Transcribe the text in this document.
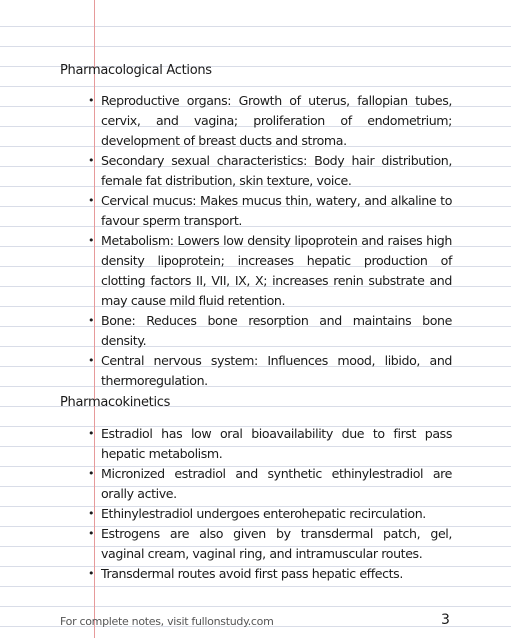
Pharmacological Actions
• Reproductive organs: Growth of uterus, fallopian tubes, cervix, and vagina; proliferation of endometrium; development of breast ducts and stroma.
• Secondary sexual characteristics: Body hair distribution, female fat distribution, skin texture, voice.
• Cervical mucus: Makes mucus thin, watery, and alkaline to favour sperm transport.
• Metabolism: Lowers low density lipoprotein and raises high density lipoprotein; increases hepatic production of clotting factors II, VII, IX, X; increases renin substrate and may cause mild fluid retention.
• Bone: Reduces bone resorption and maintains bone density.
• Central nervous system: Influences mood, libido, and thermoregulation.
Pharmacokinetics
• Estradiol has low oral bioavailability due to first pass hepatic metabolism.
• Micronized estradiol and synthetic ethinylestradiol are orally active.
• Ethinylestradiol undergoes enterohepatic recirculation.
• Estrogens are also given by transdermal patch, gel, vaginal cream, vaginal ring, and intramuscular routes.
• Transdermal routes avoid first pass hepatic effects.
For complete notes, visit fullonstudy.com	3
